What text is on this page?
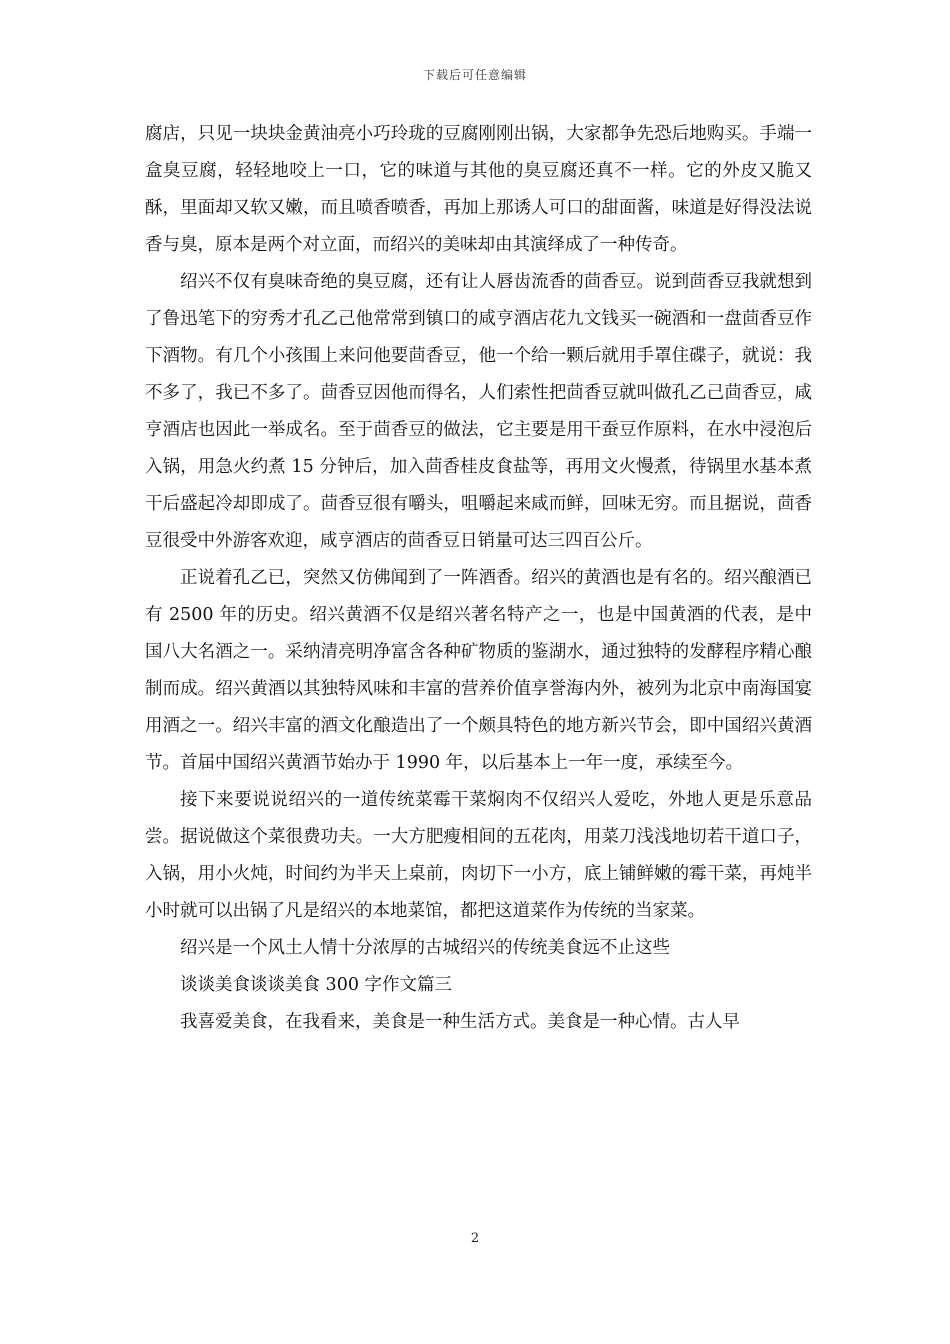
下载后可任意编辑

腐店，只见一块块金黄油亮小巧玲珑的豆腐刚刚出锅，大家都争先恐后地购买。手端一盒臭豆腐，轻轻地咬上一口，它的味道与其他的臭豆腐还真不一样。它的外皮又脆又酥，里面却又软又嫩，而且喷香喷香，再加上那诱人可口的甜面酱，味道是好得没法说香与臭，原本是两个对立面，而绍兴的美味却由其演绎成了一种传奇。

绍兴不仅有臭味奇绝的臭豆腐，还有让人唇齿流香的茴香豆。说到茴香豆我就想到了鲁迅笔下的穷秀才孔乙己他常常到镇口的咸亨酒店花九文钱买一碗酒和一盘茴香豆作下酒物。有几个小孩围上来问他要茴香豆，他一个给一颗后就用手罩住碟子，就说：我不多了，我已不多了。茴香豆因他而得名，人们索性把茴香豆就叫做孔乙己茴香豆，咸亨酒店也因此一举成名。至于茴香豆的做法，它主要是用干蚕豆作原料，在水中浸泡后入锅，用急火约煮 15 分钟后，加入茴香桂皮食盐等，再用文火慢煮，待锅里水基本煮干后盛起冷却即成了。茴香豆很有嚼头，咀嚼起来咸而鲜，回味无穷。而且据说，茴香豆很受中外游客欢迎，咸亨酒店的茴香豆日销量可达三四百公斤。

正说着孔乙已，突然又仿佛闻到了一阵酒香。绍兴的黄酒也是有名的。绍兴酿酒已有 2500 年的历史。绍兴黄酒不仅是绍兴著名特产之一，也是中国黄酒的代表，是中国八大名酒之一。采纳清亮明净富含各种矿物质的鉴湖水，通过独特的发酵程序精心酿制而成。绍兴黄酒以其独特风味和丰富的营养价值享誉海内外，被列为北京中南海国宴用酒之一。绍兴丰富的酒文化酿造出了一个颇具特色的地方新兴节会，即中国绍兴黄酒节。首届中国绍兴黄酒节始办于 1990 年，以后基本上一年一度，承续至今。

接下来要说说绍兴的一道传统菜霉干菜焖肉不仅绍兴人爱吃，外地人更是乐意品尝。据说做这个菜很费功夫。一大方肥瘦相间的五花肉，用菜刀浅浅地切若干道口子，入锅，用小火炖，时间约为半天上桌前，肉切下一小方，底上铺鲜嫩的霉干菜，再炖半小时就可以出锅了凡是绍兴的本地菜馆，都把这道菜作为传统的当家菜。

绍兴是一个风土人情十分浓厚的古城绍兴的传统美食远不止这些

谈谈美食谈谈美食 300 字作文篇三

我喜爱美食，在我看来，美食是一种生活方式。美食是一种心情。古人早

2
